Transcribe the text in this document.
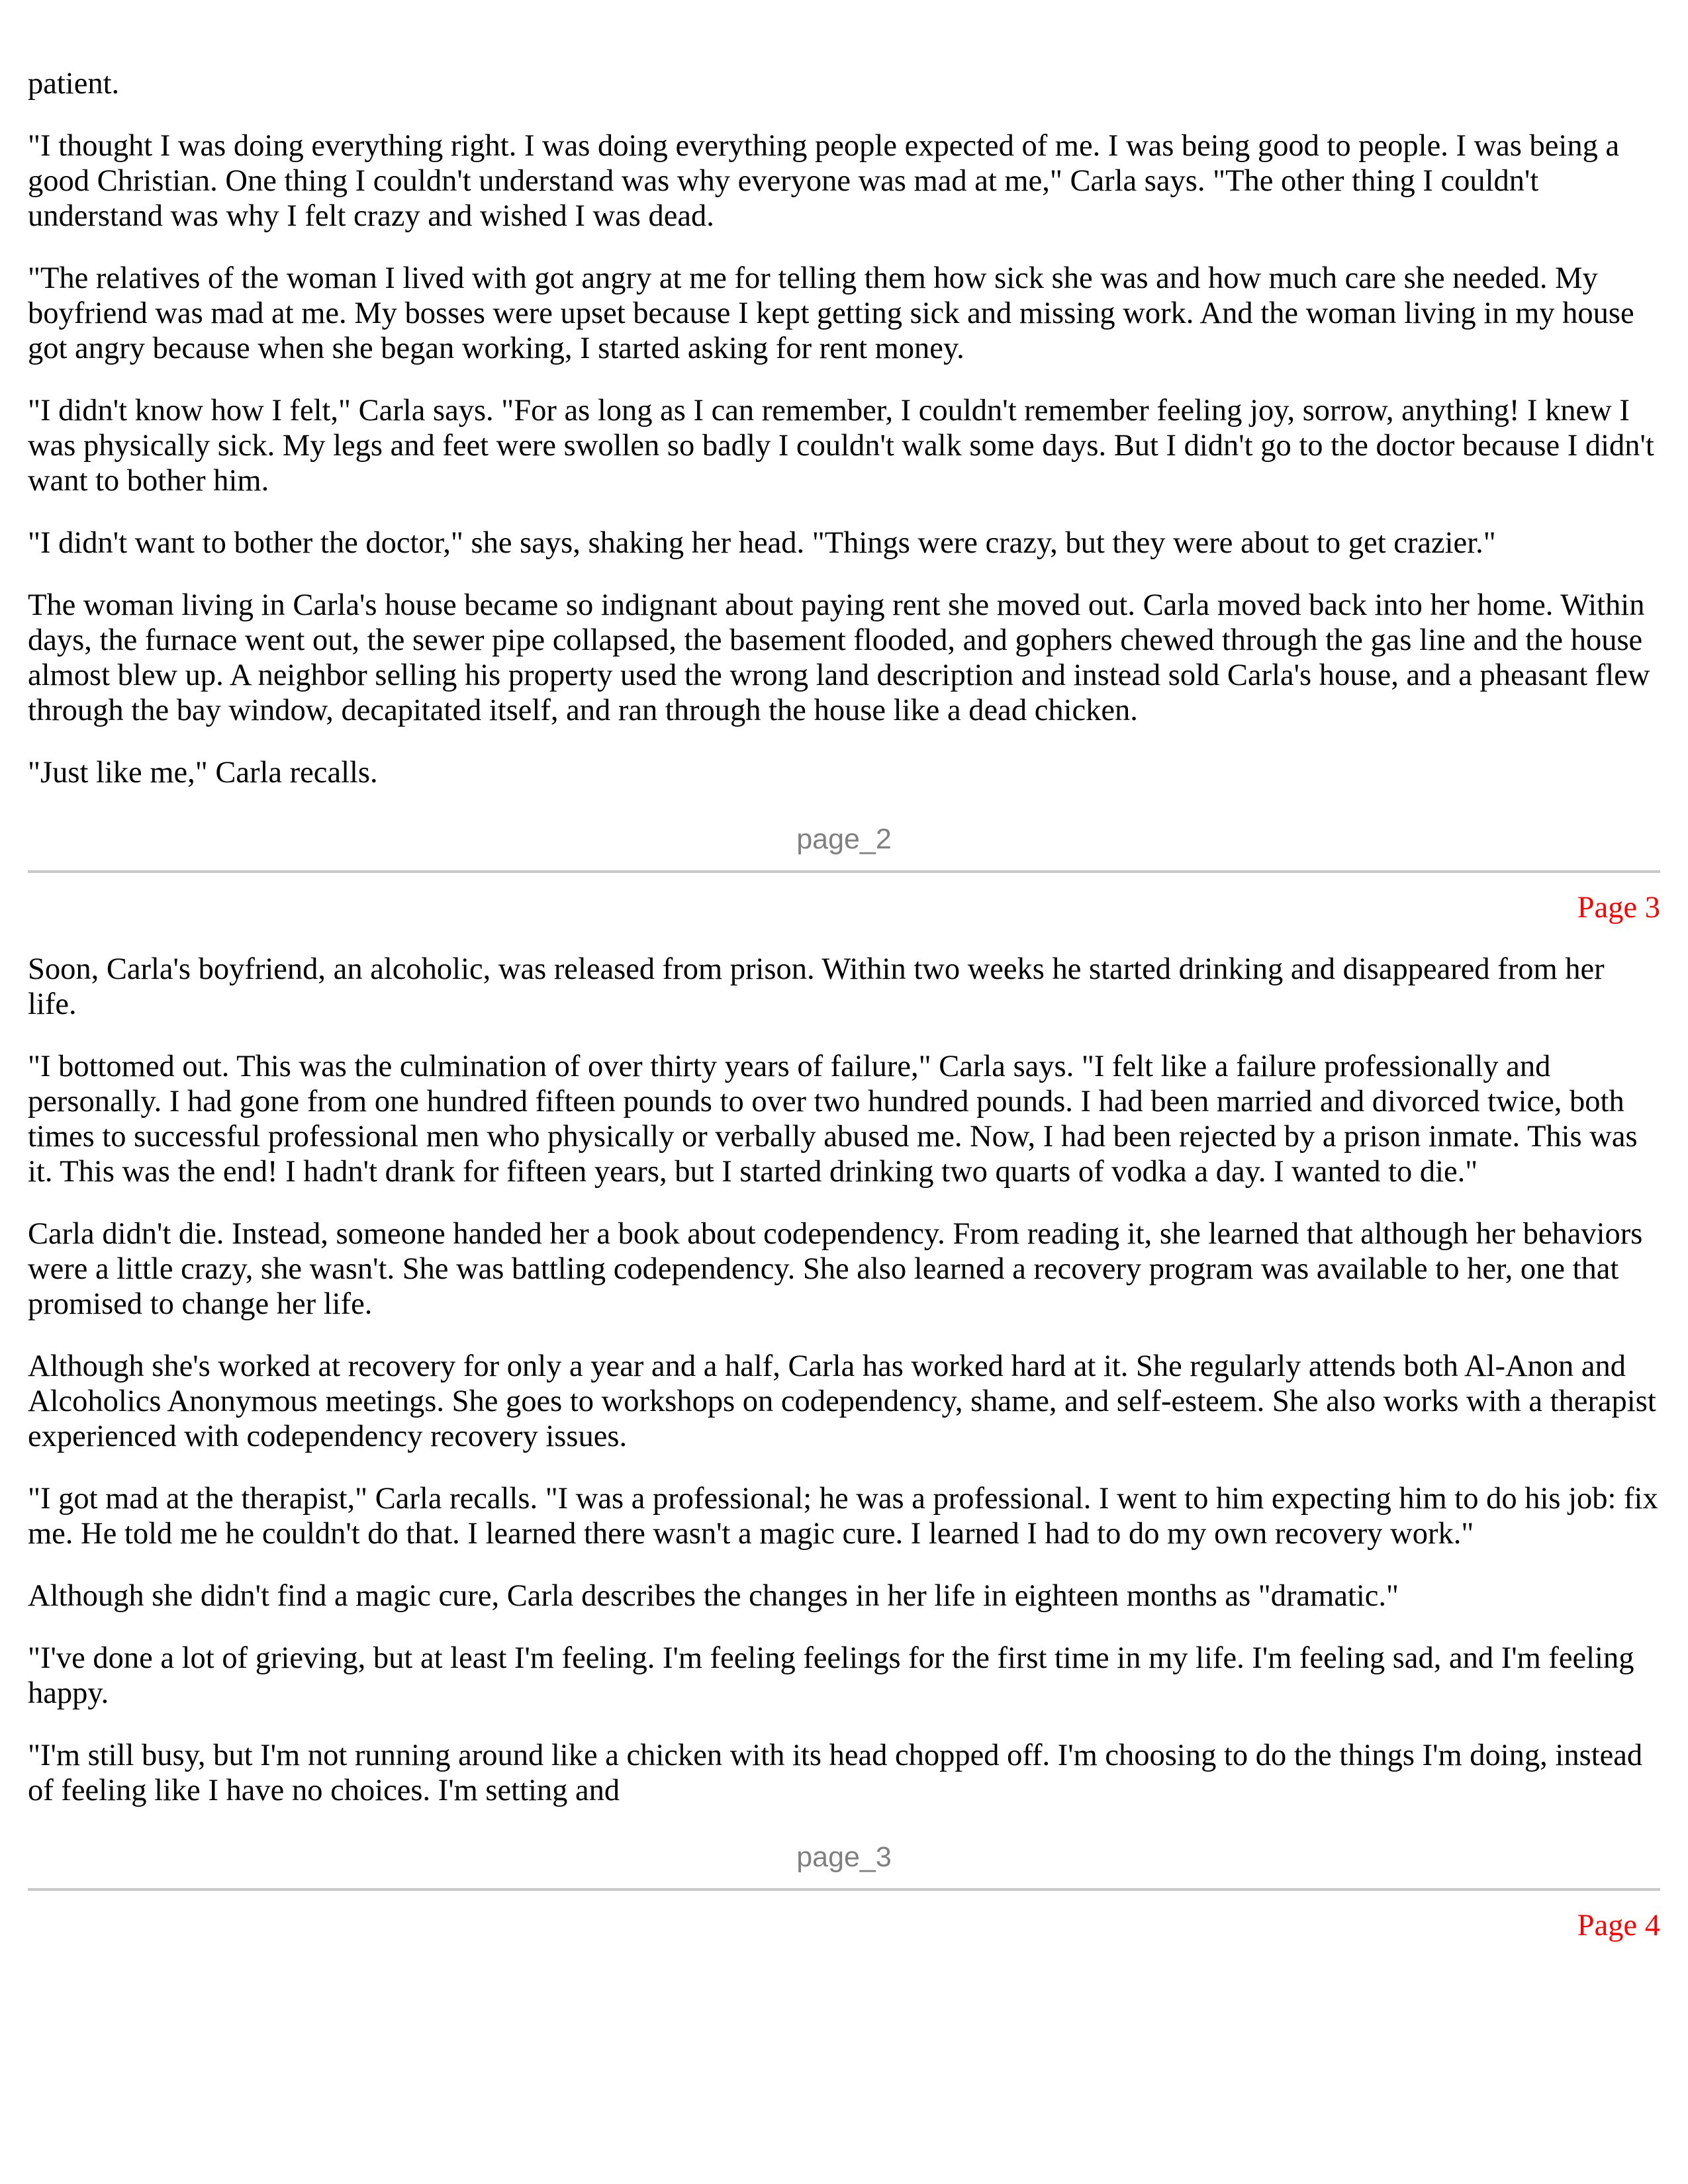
patient.

"I thought I was doing everything right. I was doing everything people expected of me. I was being good to people. I was being a good Christian. One thing I couldn't understand was why everyone was mad at me," Carla says. "The other thing I couldn't understand was why I felt crazy and wished I was dead.

"The relatives of the woman I lived with got angry at me for telling them how sick she was and how much care she needed. My boyfriend was mad at me. My bosses were upset because I kept getting sick and missing work. And the woman living in my house got angry because when she began working, I started asking for rent money.

"I didn't know how I felt," Carla says. "For as long as I can remember, I couldn't remember feeling joy, sorrow, anything! I knew I was physically sick. My legs and feet were swollen so badly I couldn't walk some days. But I didn't go to the doctor because I didn't want to bother him.

"I didn't want to bother the doctor," she says, shaking her head. "Things were crazy, but they were about to get crazier."

The woman living in Carla's house became so indignant about paying rent she moved out. Carla moved back into her home. Within days, the furnace went out, the sewer pipe collapsed, the basement flooded, and gophers chewed through the gas line and the house almost blew up. A neighbor selling his property used the wrong land description and instead sold Carla's house, and a pheasant flew through the bay window, decapitated itself, and ran through the house like a dead chicken.

"Just like me," Carla recalls.

page_2
Page 3

Soon, Carla's boyfriend, an alcoholic, was released from prison. Within two weeks he started drinking and disappeared from her life.

"I bottomed out. This was the culmination of over thirty years of failure," Carla says. "I felt like a failure professionally and personally. I had gone from one hundred fifteen pounds to over two hundred pounds. I had been married and divorced twice, both times to successful professional men who physically or verbally abused me. Now, I had been rejected by a prison inmate. This was it. This was the end! I hadn't drank for fifteen years, but I started drinking two quarts of vodka a day. I wanted to die."

Carla didn't die. Instead, someone handed her a book about codependency. From reading it, she learned that although her behaviors were a little crazy, she wasn't. She was battling codependency. She also learned a recovery program was available to her, one that promised to change her life.

Although she's worked at recovery for only a year and a half, Carla has worked hard at it. She regularly attends both Al-Anon and Alcoholics Anonymous meetings. She goes to workshops on codependency, shame, and self-esteem. She also works with a therapist experienced with codependency recovery issues.

"I got mad at the therapist," Carla recalls. "I was a professional; he was a professional. I went to him expecting him to do his job: fix me. He told me he couldn't do that. I learned there wasn't a magic cure. I learned I had to do my own recovery work."

Although she didn't find a magic cure, Carla describes the changes in her life in eighteen months as "dramatic."

"I've done a lot of grieving, but at least I'm feeling. I'm feeling feelings for the first time in my life. I'm feeling sad, and I'm feeling happy.

"I'm still busy, but I'm not running around like a chicken with its head chopped off. I'm choosing to do the things I'm doing, instead of feeling like I have no choices. I'm setting and

page_3
Page 4
